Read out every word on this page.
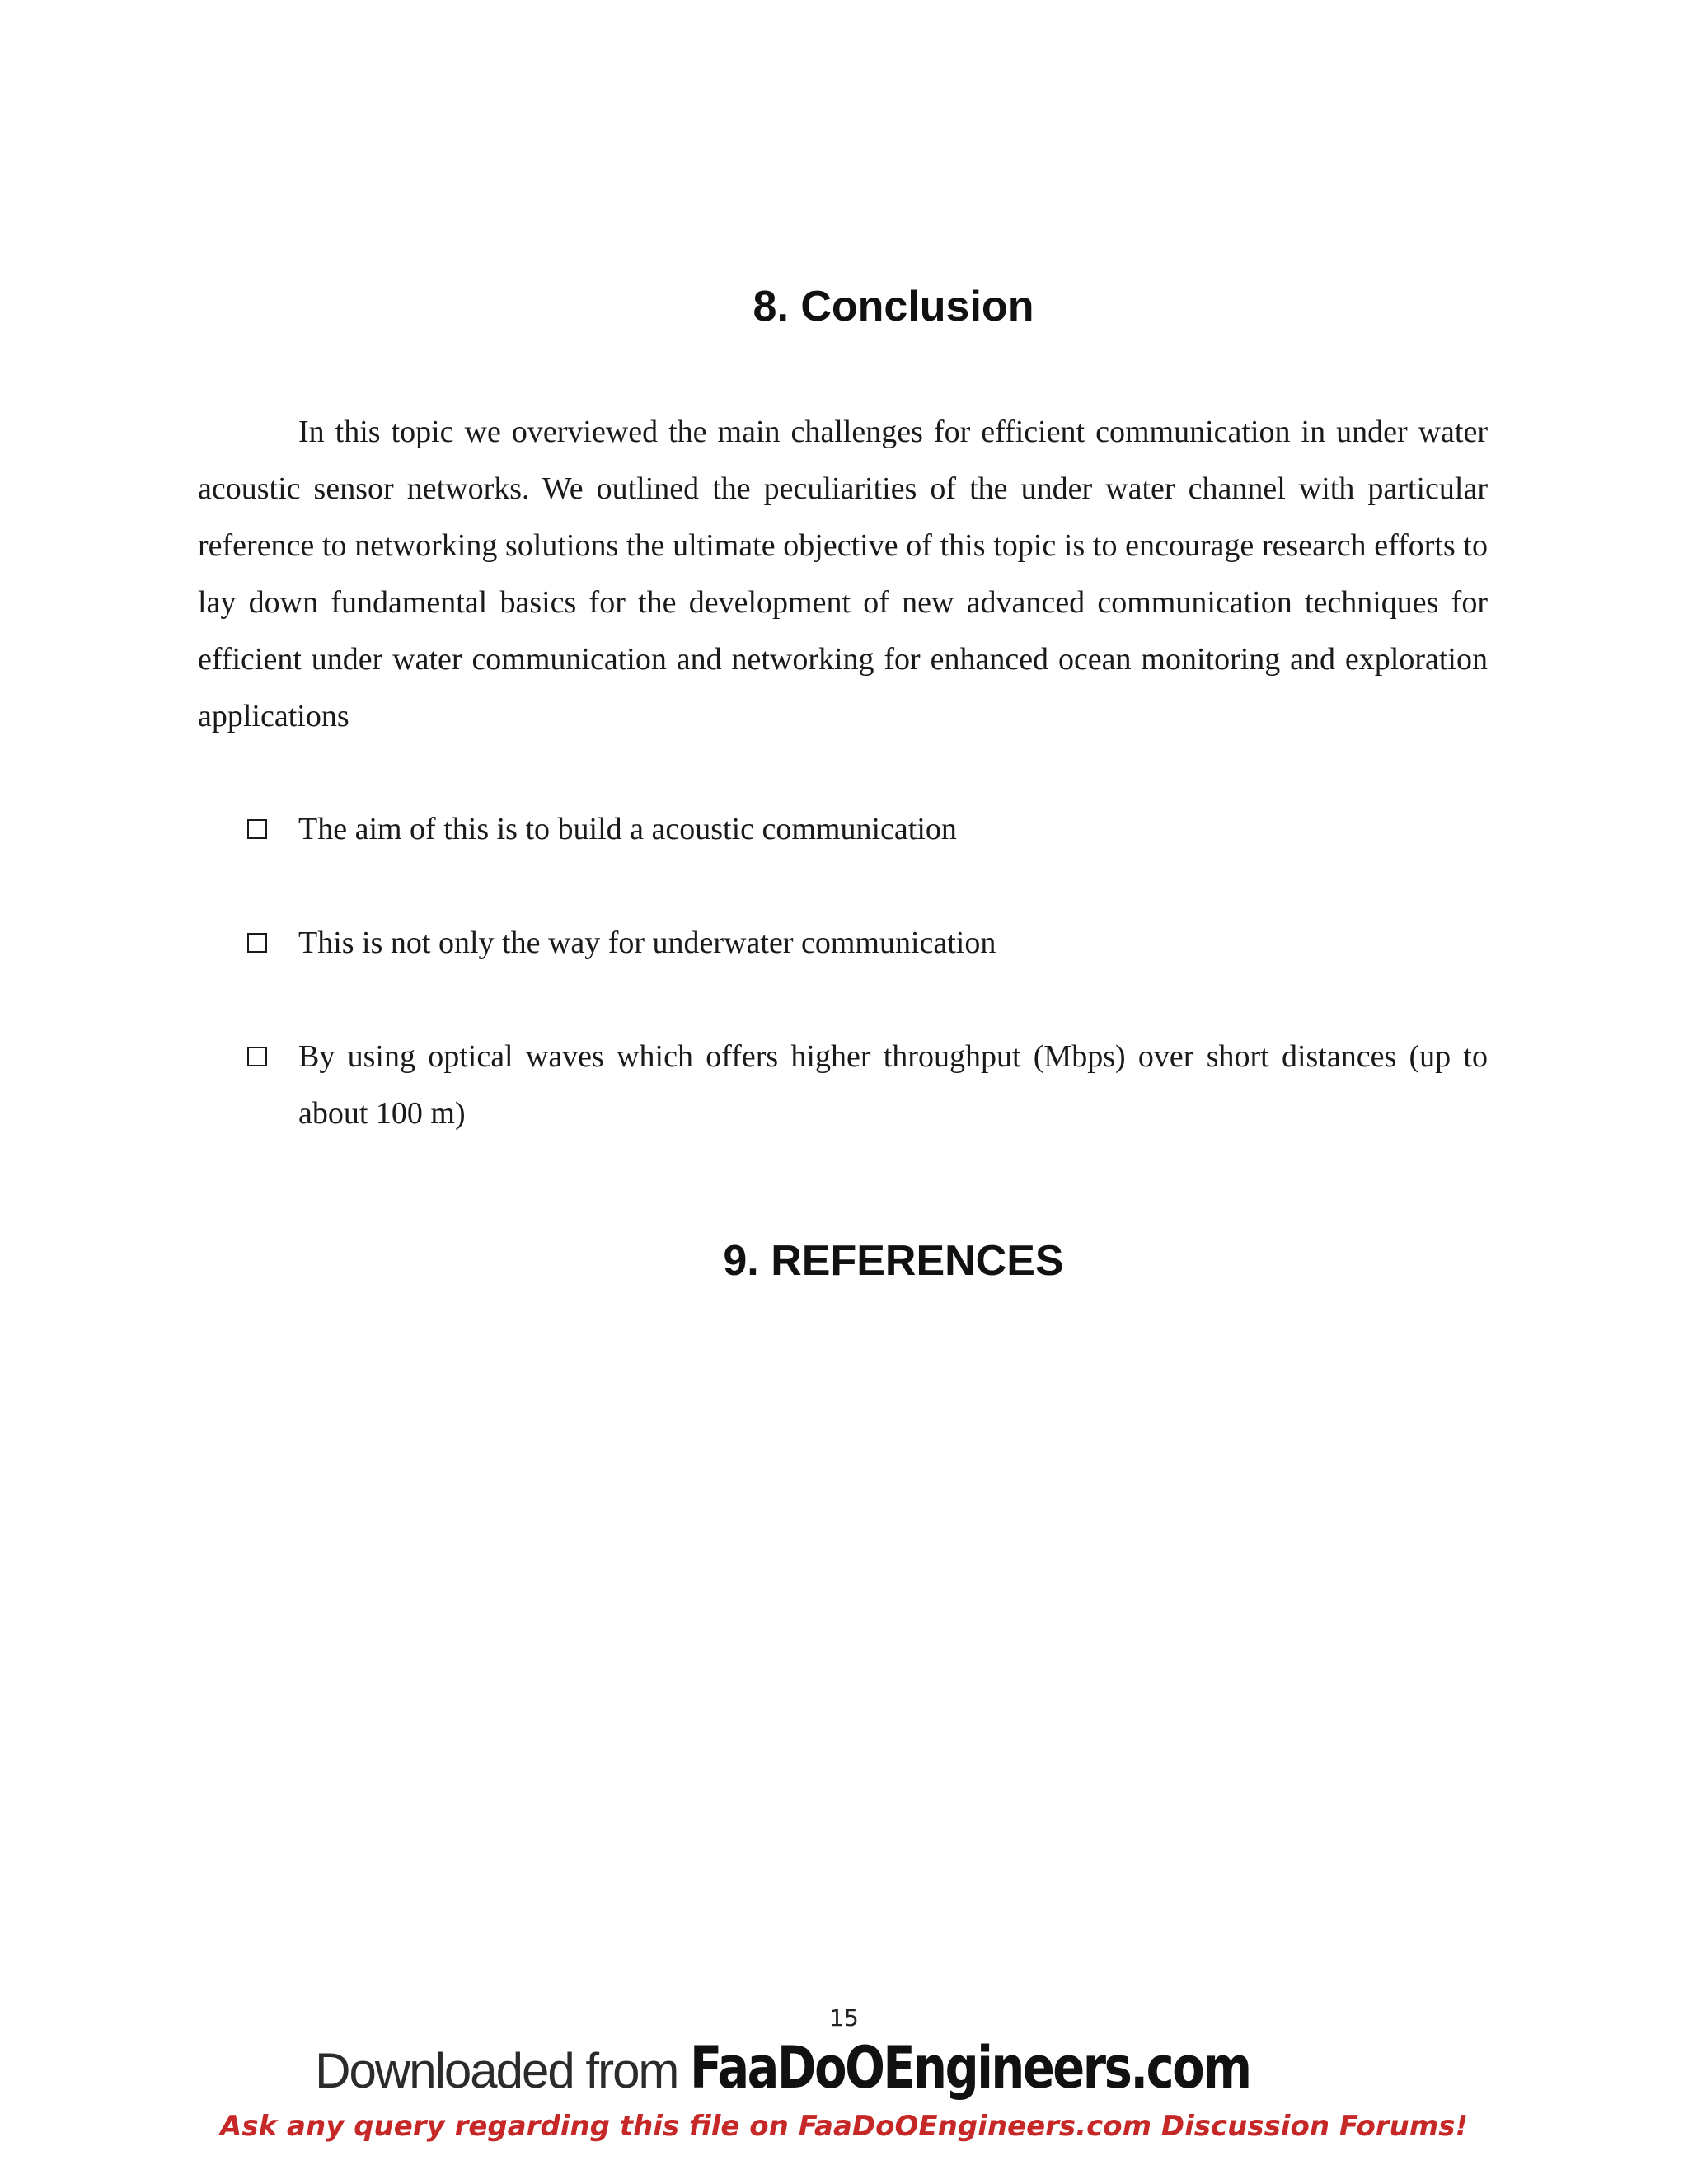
8. Conclusion

In this topic we overviewed the main challenges for efficient communication in under water acoustic sensor networks. We outlined the peculiarities of the under water channel with particular reference to networking solutions the ultimate objective of this topic is to encourage research efforts to lay down fundamental basics for the development of new advanced communication techniques for efficient under water communication and networking for enhanced ocean monitoring and exploration applications

The aim of this is to build a acoustic communication
This is not only the way for underwater communication
By using optical waves which offers higher throughput (Mbps) over short distances (up to about 100 m)
9. REFERENCES
15
Downloaded from FaaDoOEngineers.com
Ask any query regarding this file on FaaDoOEngineers.com Discussion Forums!
